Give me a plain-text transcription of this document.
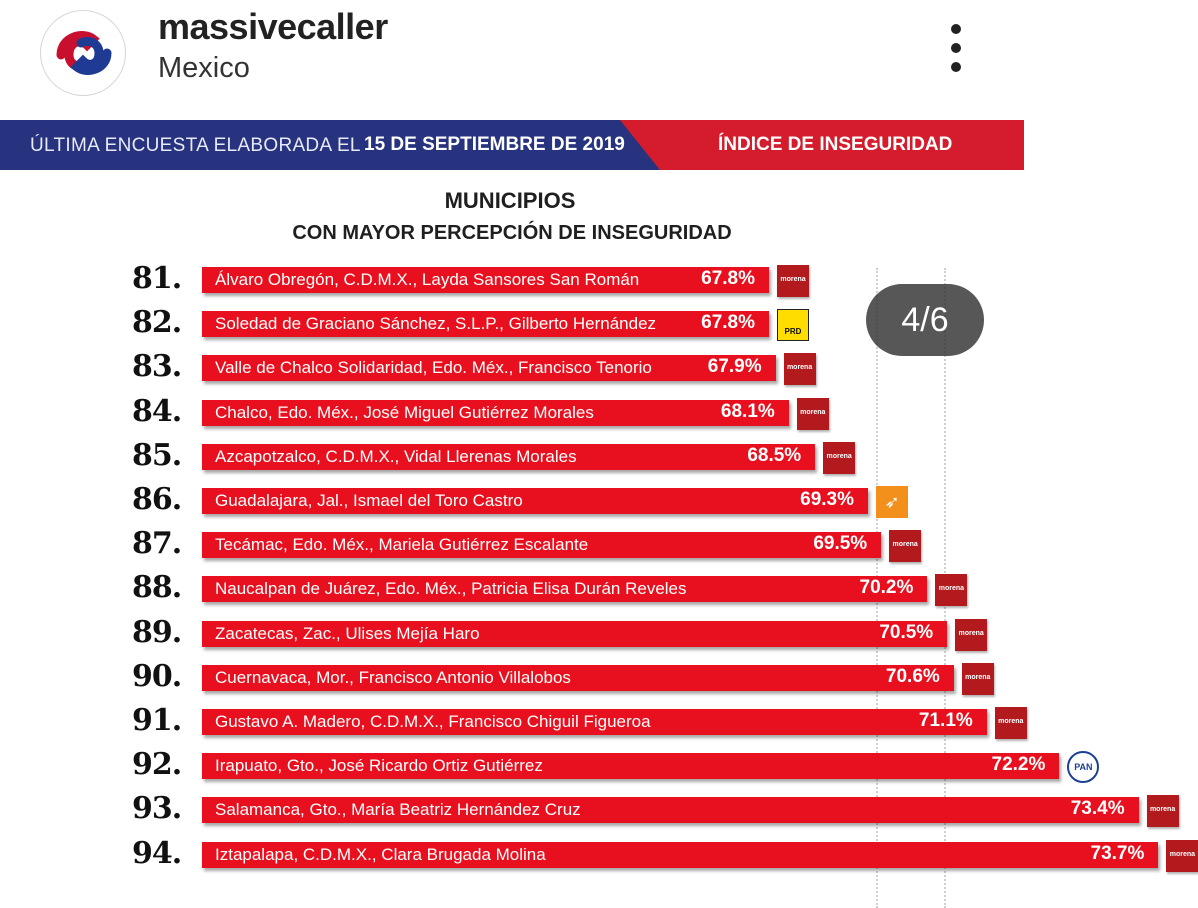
massivecaller
Mexico
ÚLTIMA ENCUESTA ELABORADA EL 15 DE SEPTIEMBRE DE 2019	ÍNDICE DE INSEGURIDAD
MUNICIPIOS
CON MAYOR PERCEPCIÓN DE INSEGURIDAD
81. Álvaro Obregón, C.D.M.X., Layda Sansores San Román	67.8%	morena
82. Soledad de Graciano Sánchez, S.L.P., Gilberto Hernández 67.8%	PRD
83. Valle de Chalco Solidaridad, Edo. Méx., Francisco Tenorio	67.9%	morena
84. Chalco, Edo. Méx., José Miguel Gutiérrez Morales	68.1%	morena
85. Azcapotzalco, C.D.M.X., Vidal Llerenas Morales	68.5%	morena
86. Guadalajara, Jal., Ismael del Toro Castro	69.3%	➶
87. Tecámac, Edo. Méx., Mariela Gutiérrez Escalante	69.5%	morena
88. Naucalpan de Juárez, Edo. Méx., Patricia Elisa Durán Reveles	70.2%	morena
89. Zacatecas, Zac., Ulises Mejía Haro	70.5%	morena
90. Cuernavaca, Mor., Francisco Antonio Villalobos	70.6%	morena
91. Gustavo A. Madero, C.D.M.X., Francisco Chiguil Figueroa	71.1%	morena
92. Irapuato, Gto., José Ricardo Ortiz Gutiérrez	72.2%	PAN
93. Salamanca, Gto., María Beatriz Hernández Cruz	73.4%	morena
94. Iztapalapa, C.D.M.X., Clara Brugada Molina	73.7%	morena
4/6
